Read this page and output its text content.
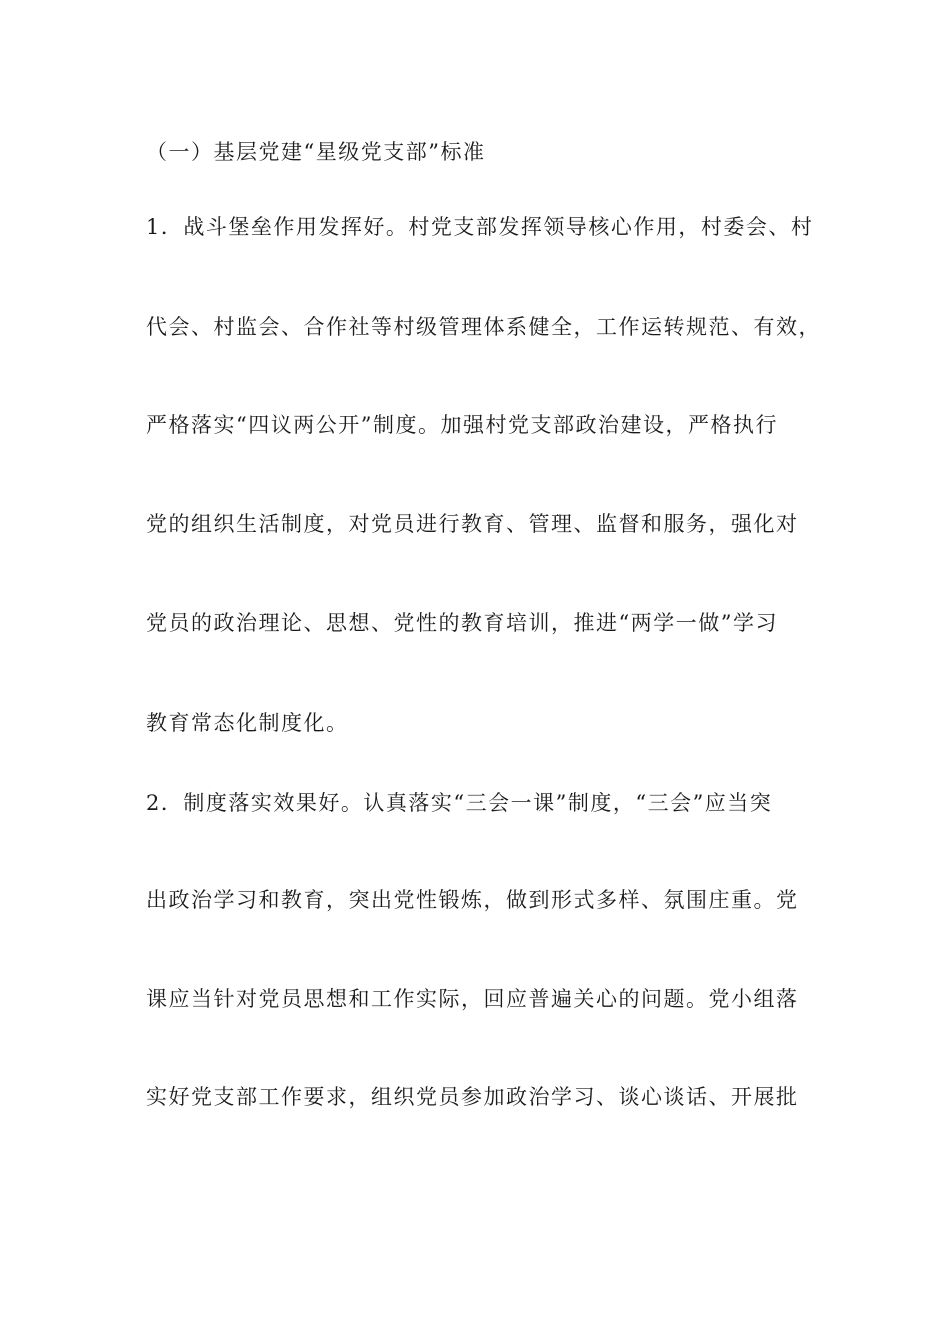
（一）基层党建“星级党支部”标准
1．战斗堡垒作用发挥好。村党支部发挥领导核心作用，村委会、村
代会、村监会、合作社等村级管理体系健全，工作运转规范、有效，
严格落实“四议两公开”制度。加强村党支部政治建设，严格执行
党的组织生活制度，对党员进行教育、管理、监督和服务，强化对
党员的政治理论、思想、党性的教育培训，推进“两学一做”学习
教育常态化制度化。
2．制度落实效果好。认真落实“三会一课”制度，“三会”应当突
出政治学习和教育，突出党性锻炼，做到形式多样、氛围庄重。党
课应当针对党员思想和工作实际，回应普遍关心的问题。党小组落
实好党支部工作要求，组织党员参加政治学习、谈心谈话、开展批
